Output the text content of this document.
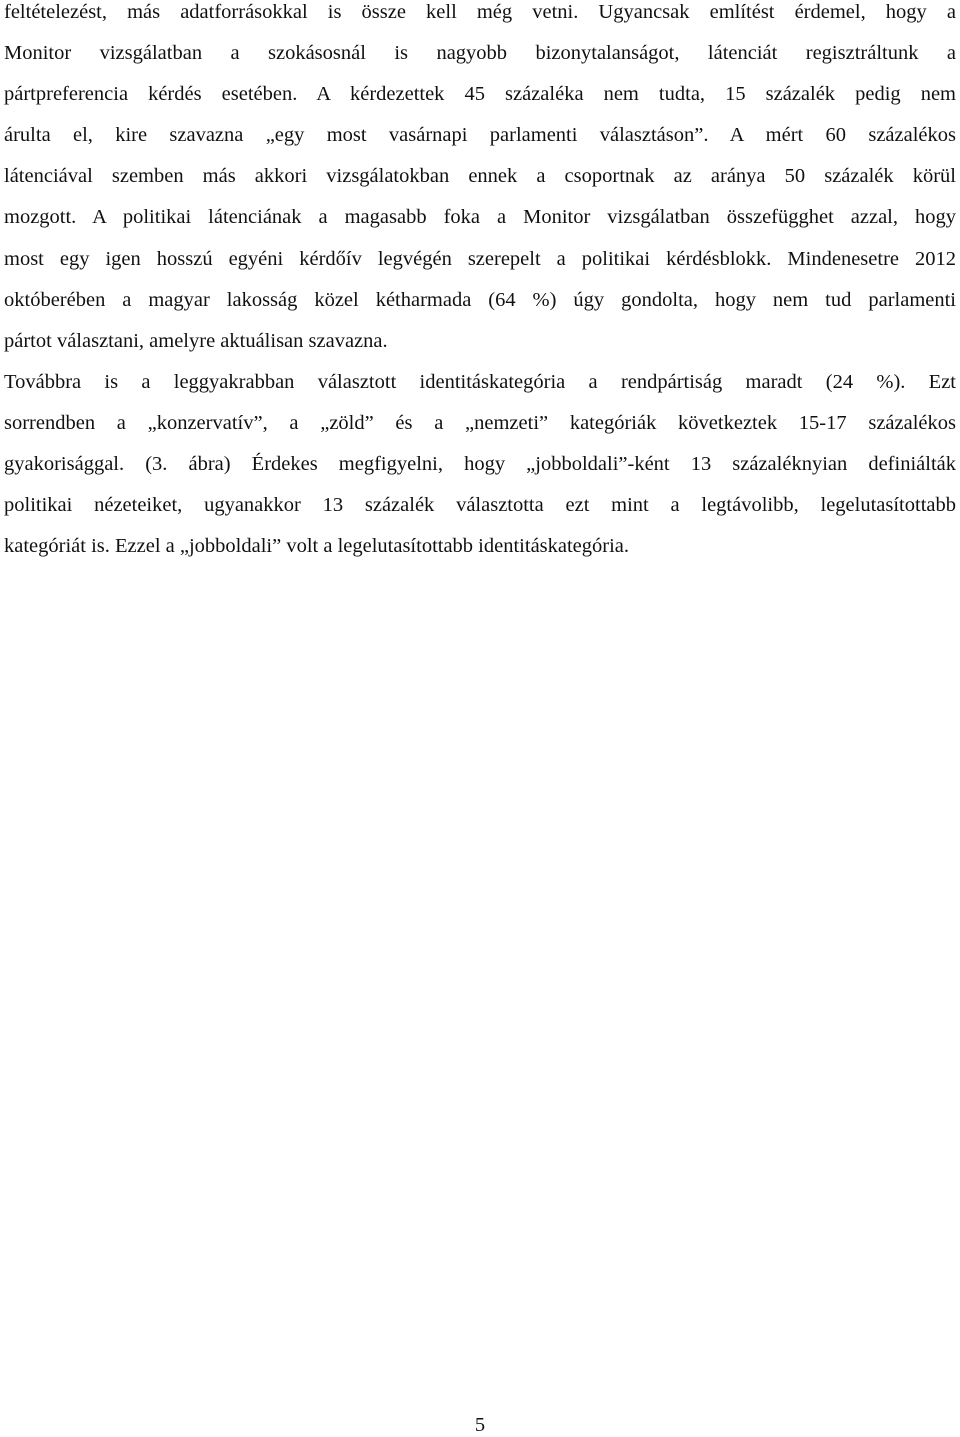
feltételezést, más adatforrásokkal is össze kell még vetni. Ugyancsak említést érdemel, hogy a
Monitor vizsgálatban a szokásosnál is nagyobb bizonytalanságot, látenciát regisztráltunk a
pártpreferencia kérdés esetében. A kérdezettek 45 százaléka nem tudta, 15 százalék pedig nem
árulta el, kire szavazna „egy most vasárnapi parlamenti választáson”. A mért 60 százalékos
látenciával szemben más akkori vizsgálatokban ennek a csoportnak az aránya 50 százalék körül
mozgott. A politikai látenciának a magasabb foka a Monitor vizsgálatban összefügghet azzal, hogy
most egy igen hosszú egyéni kérdőív legvégén szerepelt a politikai kérdésblokk. Mindenesetre 2012
októberében a magyar lakosság közel kétharmada (64 %) úgy gondolta, hogy nem tud parlamenti
pártot választani, amelyre aktuálisan szavazna.
Továbbra is a leggyakrabban választott identitáskategória a rendpártiság maradt (24 %). Ezt
sorrendben a „konzervatív”, a „zöld” és a „nemzeti” kategóriák következtek 15-17 százalékos
gyakorisággal. (3. ábra) Érdekes megfigyelni, hogy „jobboldali”-ként 13 százaléknyian definiálták
politikai nézeteiket, ugyanakkor 13 százalék választotta ezt mint a legtávolibb, legelutasítottabb
kategóriát is. Ezzel a „jobboldali” volt a legelutasítottabb identitáskategória.
5
